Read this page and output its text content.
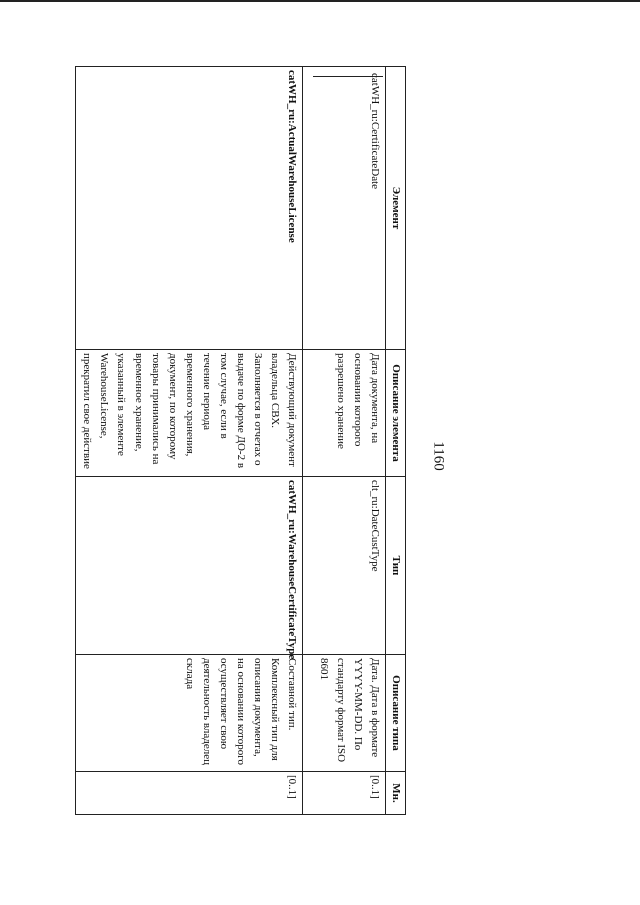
1160
Элемент	Описание элемента	Тип	Описание типа	Мн.

catWH_ru:CertificateDate	Дата документа, на основании которого разрешено хранение	clt_ru:DateCustType	Дата. Дата в формате YYYY-MM-DD. По стандарту формат ISO 8601	[0..1]
catWH_ru:ActualWarehouseLicense	Действующий документ владельца СВХ. Заполняется в отчетах о выдаче по форме ДО-2 в том случае, если в течение периода временного хранения, документ, по которому товары принимались на временное хранение, указанный в элементе WarehouseLicense, прекратил свое действие	catWH_ru:WarehouseCertificateType	Составной тип. Комплексный тип для описания документа, на основании которого осуществляет свою деятельность владелец склада	[0..1]
